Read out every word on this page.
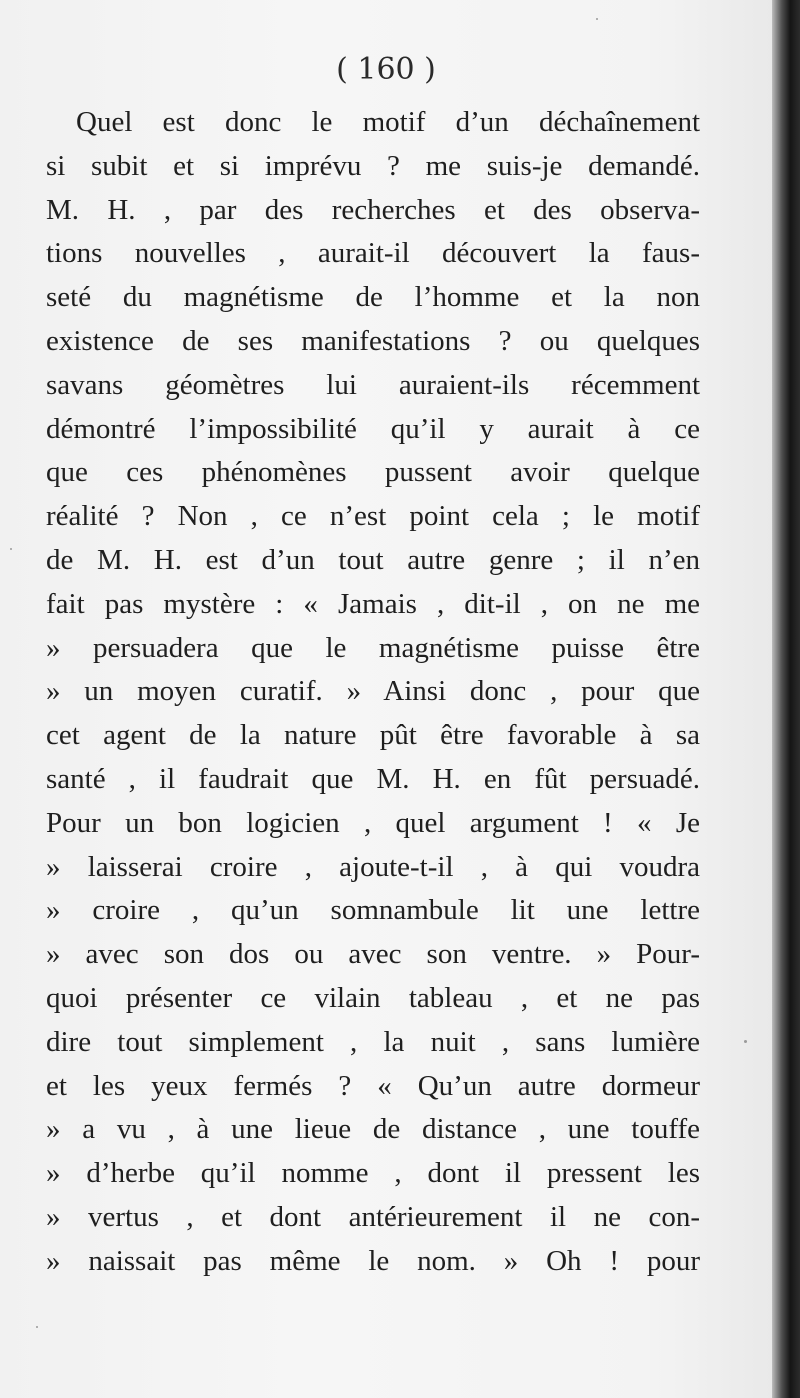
( 160 )
Quel est donc le motif d’un déchaînement
si subit et si imprévu ? me suis-je demandé.
M. H. , par des recherches et des observa-
tions nouvelles , aurait-il découvert la faus-
seté du magnétisme de l’homme et la non
existence de ses manifestations ? ou quelques
savans géomètres lui auraient-ils récemment
démontré l’impossibilité qu’il y aurait à ce
que ces phénomènes pussent avoir quelque
réalité ? Non , ce n’est point cela ; le motif
de M. H. est d’un tout autre genre ; il n’en
fait pas mystère : « Jamais , dit-il , on ne me
» persuadera que le magnétisme puisse être
» un moyen curatif. » Ainsi donc , pour que
cet agent de la nature pût être favorable à sa
santé , il faudrait que M. H. en fût persuadé.
Pour un bon logicien , quel argument ! « Je
» laisserai croire , ajoute-t-il , à qui voudra
» croire , qu’un somnambule lit une lettre
» avec son dos ou avec son ventre. » Pour-
quoi présenter ce vilain tableau , et ne pas
dire tout simplement , la nuit , sans lumière
et les yeux fermés ? « Qu’un autre dormeur
» a vu , à une lieue de distance , une touffe
» d’herbe qu’il nomme , dont il pressent les
» vertus , et dont antérieurement il ne con-
» naissait pas même le nom. » Oh ! pour
